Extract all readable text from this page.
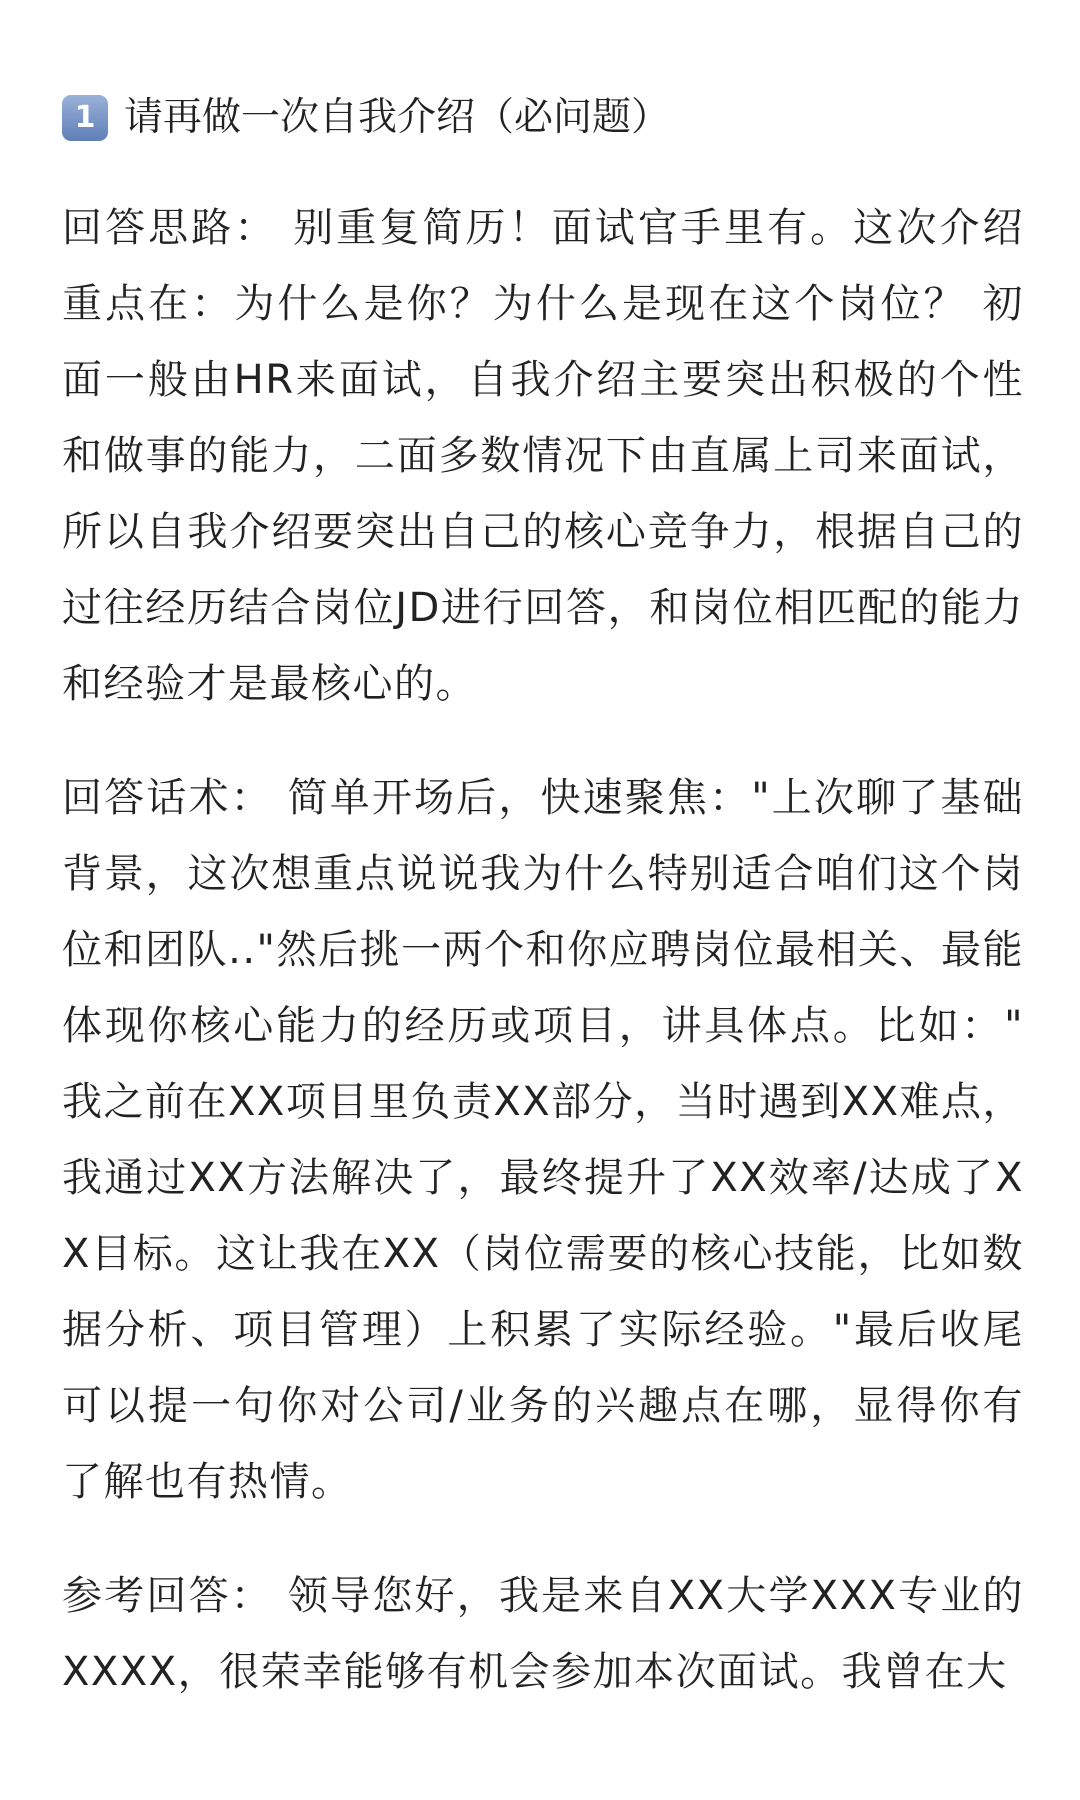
1 请再做一次自我介绍（必问题）

回答思路： 别重复简历！面试官手里有。这次介绍重点在：为什么是你？为什么是现在这个岗位？ 初面一般由HR来面试，自我介绍主要突出积极的个性和做事的能力，二面多数情况下由直属上司来面试，所以自我介绍要突出自己的核心竞争力，根据自己的过往经历结合岗位JD进行回答，和岗位相匹配的能力和经验才是最核心的。

回答话术： 简单开场后，快速聚焦："上次聊了基础背景，这次想重点说说我为什么特别适合咱们这个岗位和团队.."然后挑一两个和你应聘岗位最相关、最能体现你核心能力的经历或项目，讲具体点。比如："我之前在XX项目里负责XX部分，当时遇到XX难点，我通过XX方法解决了，最终提升了XX效率/达成了XX目标。这让我在XX（岗位需要的核心技能，比如数据分析、项目管理）上积累了实际经验。"最后收尾可以提一句你对公司/业务的兴趣点在哪，显得你有了解也有热情。

参考回答： 领导您好，我是来自XX大学XXX专业的XXXX，很荣幸能够有机会参加本次面试。我曾在大
